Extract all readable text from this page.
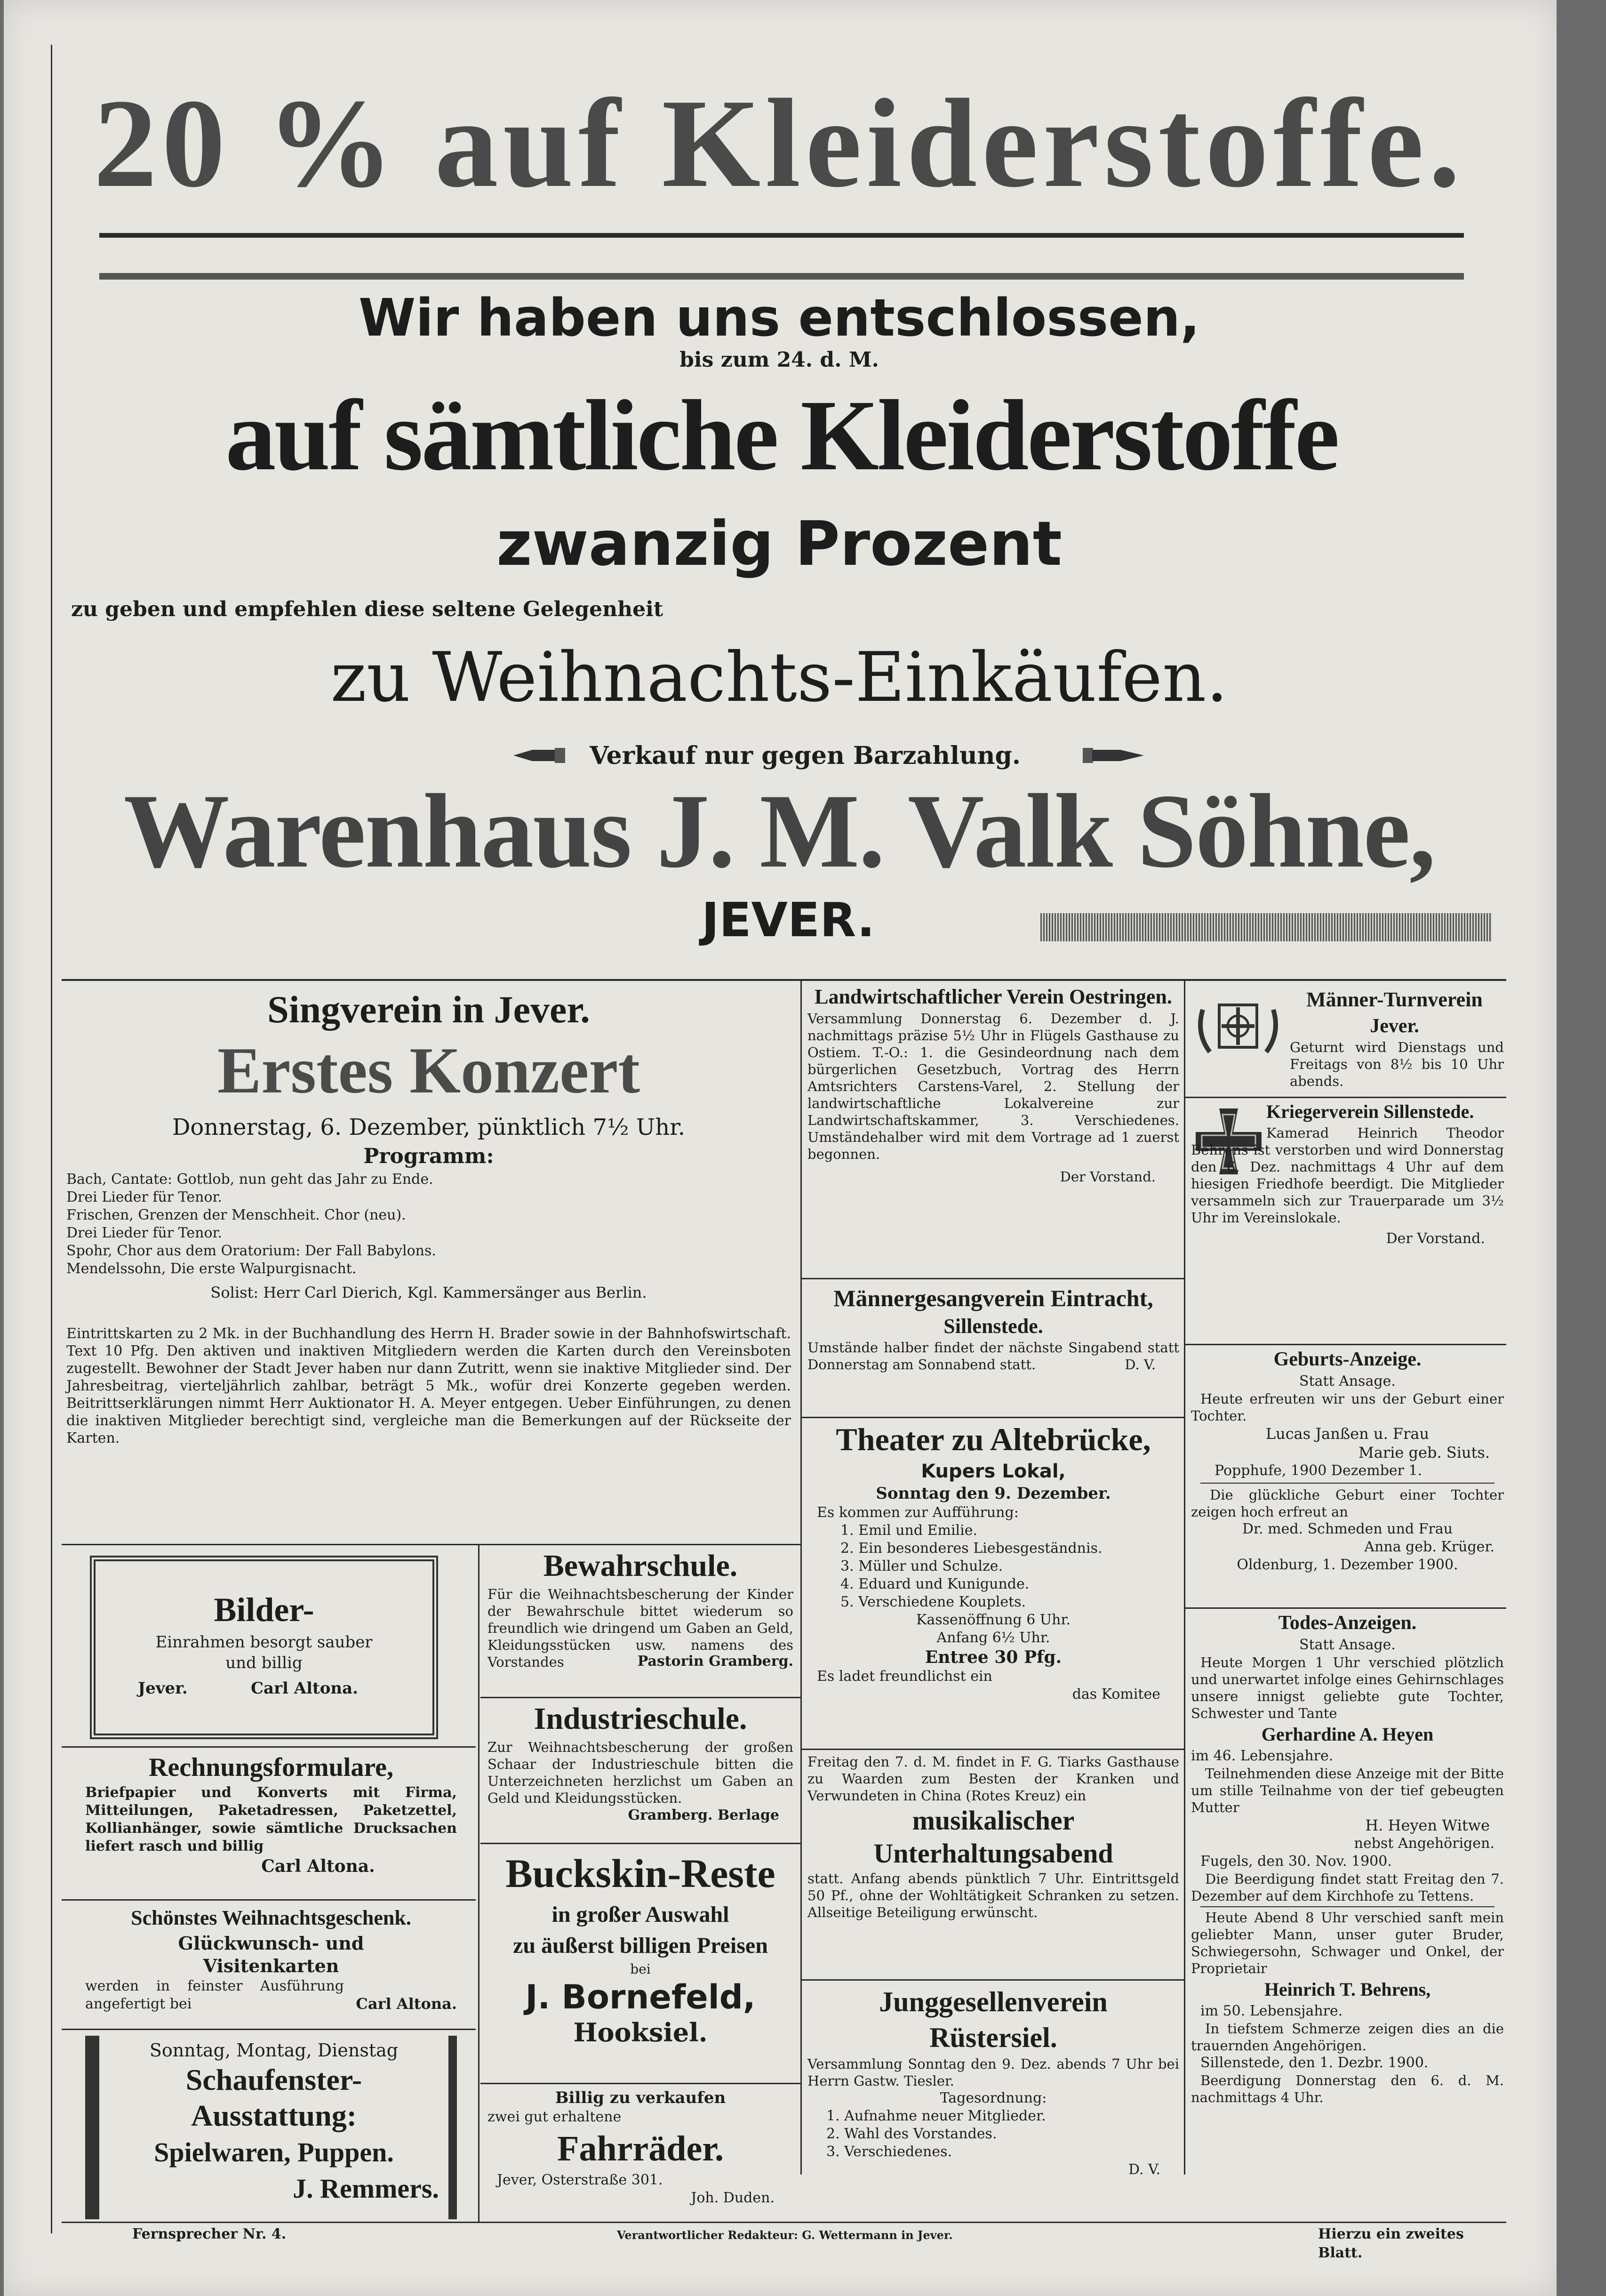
20 % auf Kleiderstoffe.
Wir haben uns entschlossen,
bis zum 24. d. M.
auf sämtliche Kleiderstoffe
zwanzig Prozent
zu geben und empfehlen diese seltene Gelegenheit
zu Weihnachts-Einkäufen.
Verkauf nur gegen Barzahlung.
Warenhaus J. M. Valk Söhne,
JEVER.
Singverein in Jever.
Erstes Konzert
Donnerstag, 6. Dezember, pünktlich 7½ Uhr.
Programm:
Bach, Cantate: Gottlob, nun geht das Jahr zu Ende.
Drei Lieder für Tenor.
Frischen, Grenzen der Menschheit. Chor (neu).
Drei Lieder für Tenor.
Spohr, Chor aus dem Oratorium: Der Fall Babylons.
Mendelssohn, Die erste Walpurgisnacht.
Solist: Herr Carl Dierich, Kgl. Kammersänger aus Berlin.
Eintrittskarten zu 2 Mk. in der Buchhandlung des Herrn H. Brader sowie in der Bahnhofswirtschaft. Text 10 Pfg. Den aktiven und inaktiven Mitgliedern werden die Karten durch den Vereinsboten zugestellt. Bewohner der Stadt Jever haben nur dann Zutritt, wenn sie inaktive Mitglieder sind. Der Jahresbeitrag, vierteljährlich zahlbar, beträgt 5 Mk., wofür drei Konzerte gegeben werden. Beitrittserklärungen nimmt Herr Auktionator H. A. Meyer entgegen. Ueber Einführungen, zu denen die inaktiven Mitglieder berechtigt sind, vergleiche man die Bemerkungen auf der Rückseite der Karten.
Bilder-
Einrahmen besorgt sauber
und billig
Jever.	Carl Altona.
Rechnungsformulare,
Briefpapier und Konverts mit Firma, Mitteilungen, Paketadressen, Paketzettel, Kollianhänger, sowie sämtliche Drucksachen liefert rasch und billig
Carl Altona.
Schönstes Weihnachtsgeschenk.
Glückwunsch- und
Visitenkarten
werden in feinster Ausführung angefertigt bei	Carl Altona.
Sonntag, Montag, Dienstag
Schaufenster-
Ausstattung:
Spielwaren, Puppen.
J. Remmers.
Fernsprecher Nr. 4.
Bewahrschule.
Für die Weihnachtsbescherung der Kinder der Bewahrschule bittet wiederum so freundlich wie dringend um Gaben an Geld, Kleidungsstücken usw. namens des Vorstandes	Pastorin Gramberg.
Industrieschule.
Zur Weihnachtsbescherung der großen Schaar der Industrieschule bitten die Unterzeichneten herzlichst um Gaben an Geld und Kleidungsstücken.
Gramberg. Berlage
Buckskin-Reste
in großer Auswahl
zu äußerst billigen Preisen
bei
J. Bornefeld,
Hooksiel.
Billig zu verkaufen
zwei gut erhaltene
Fahrräder.
Jever, Osterstraße 301.
Joh. Duden.
Verantwortlicher Redakteur: G. Wettermann in Jever.
Landwirtschaftlicher Verein Oestringen.
Versammlung Donnerstag 6. Dezember d. J. nachmittags präzise 5½ Uhr in Flügels Gasthause zu Ostiem. T.-O.: 1. die Gesindeordnung nach dem bürgerlichen Gesetzbuch, Vortrag des Herrn Amtsrichters Carstens-Varel, 2. Stellung der landwirtschaftliche Lokalvereine zur Landwirtschaftskammer, 3. Verschiedenes. Umständehalber wird mit dem Vortrage ad 1 zuerst begonnen.
Der Vorstand.
Männergesangverein Eintracht,
Sillenstede.
Umstände halber findet der nächste Singabend statt Donnerstag am Sonnabend statt.	D. V.
Theater zu Altebrücke,
Kupers Lokal,
Sonntag den 9. Dezember.
Es kommen zur Aufführung:
1. Emil und Emilie.
2. Ein besonderes Liebesgeständnis.
3. Müller und Schulze.
4. Eduard und Kunigunde.
5. Verschiedene Kouplets.
Kassenöffnung 6 Uhr.
Anfang 6½ Uhr.
Entree 30 Pfg.
Es ladet freundlichst ein
das Komitee
Freitag den 7. d. M. findet in F. G. Tiarks Gasthause zu Waarden zum Besten der Kranken und Verwundeten in China (Rotes Kreuz) ein
musikalischer
Unterhaltungsabend
statt. Anfang abends pünktlich 7 Uhr. Eintrittsgeld 50 Pf., ohne der Wohltätigkeit Schranken zu setzen. Allseitige Beteiligung erwünscht.
Junggesellenverein
Rüstersiel.
Versammlung Sonntag den 9. Dez. abends 7 Uhr bei Herrn Gastw. Tiesler.
Tagesordnung:
1. Aufnahme neuer Mitglieder.
2. Wahl des Vorstandes.
3. Verschiedenes.
D. V.
Männer-Turnverein
Jever.
Geturnt wird Dienstags und Freitags von 8½ bis 10 Uhr abends.
Kriegerverein Sillenstede.
Kamerad Heinrich Theodor Behrens ist verstorben und wird Donnerstag den 6. Dez. nachmittags 4 Uhr auf dem hiesigen Friedhofe beerdigt. Die Mitglieder versammeln sich zur Trauerparade um 3½ Uhr im Vereinslokale.
Der Vorstand.
Geburts-Anzeige.
Statt Ansage.
Heute erfreuten wir uns der Geburt einer Tochter.
Lucas Janßen u. Frau
Marie geb. Siuts.
Popphufe, 1900 Dezember 1.
Die glückliche Geburt einer Tochter zeigen hoch erfreut an
Dr. med. Schmeden und Frau
Anna geb. Krüger.
Oldenburg, 1. Dezember 1900.
Todes-Anzeigen.
Statt Ansage.
Heute Morgen 1 Uhr verschied plötzlich und unerwartet infolge eines Gehirnschlages unsere innigst geliebte gute Tochter, Schwester und Tante
Gerhardine A. Heyen
im 46. Lebensjahre.
Teilnehmenden diese Anzeige mit der Bitte um stille Teilnahme von der tief gebeugten Mutter
H. Heyen Witwe
nebst Angehörigen.
Fugels, den 30. Nov. 1900.
Die Beerdigung findet statt Freitag den 7. Dezember auf dem Kirchhofe zu Tettens.
Heute Abend 8 Uhr verschied sanft mein geliebter Mann, unser guter Bruder, Schwiegersohn, Schwager und Onkel, der Proprietair
Heinrich T. Behrens,
im 50. Lebensjahre.
In tiefstem Schmerze zeigen dies an die trauernden Angehörigen.
Sillenstede, den 1. Dezbr. 1900.
Beerdigung Donnerstag den 6. d. M. nachmittags 4 Uhr.
Hierzu ein zweites Blatt.
